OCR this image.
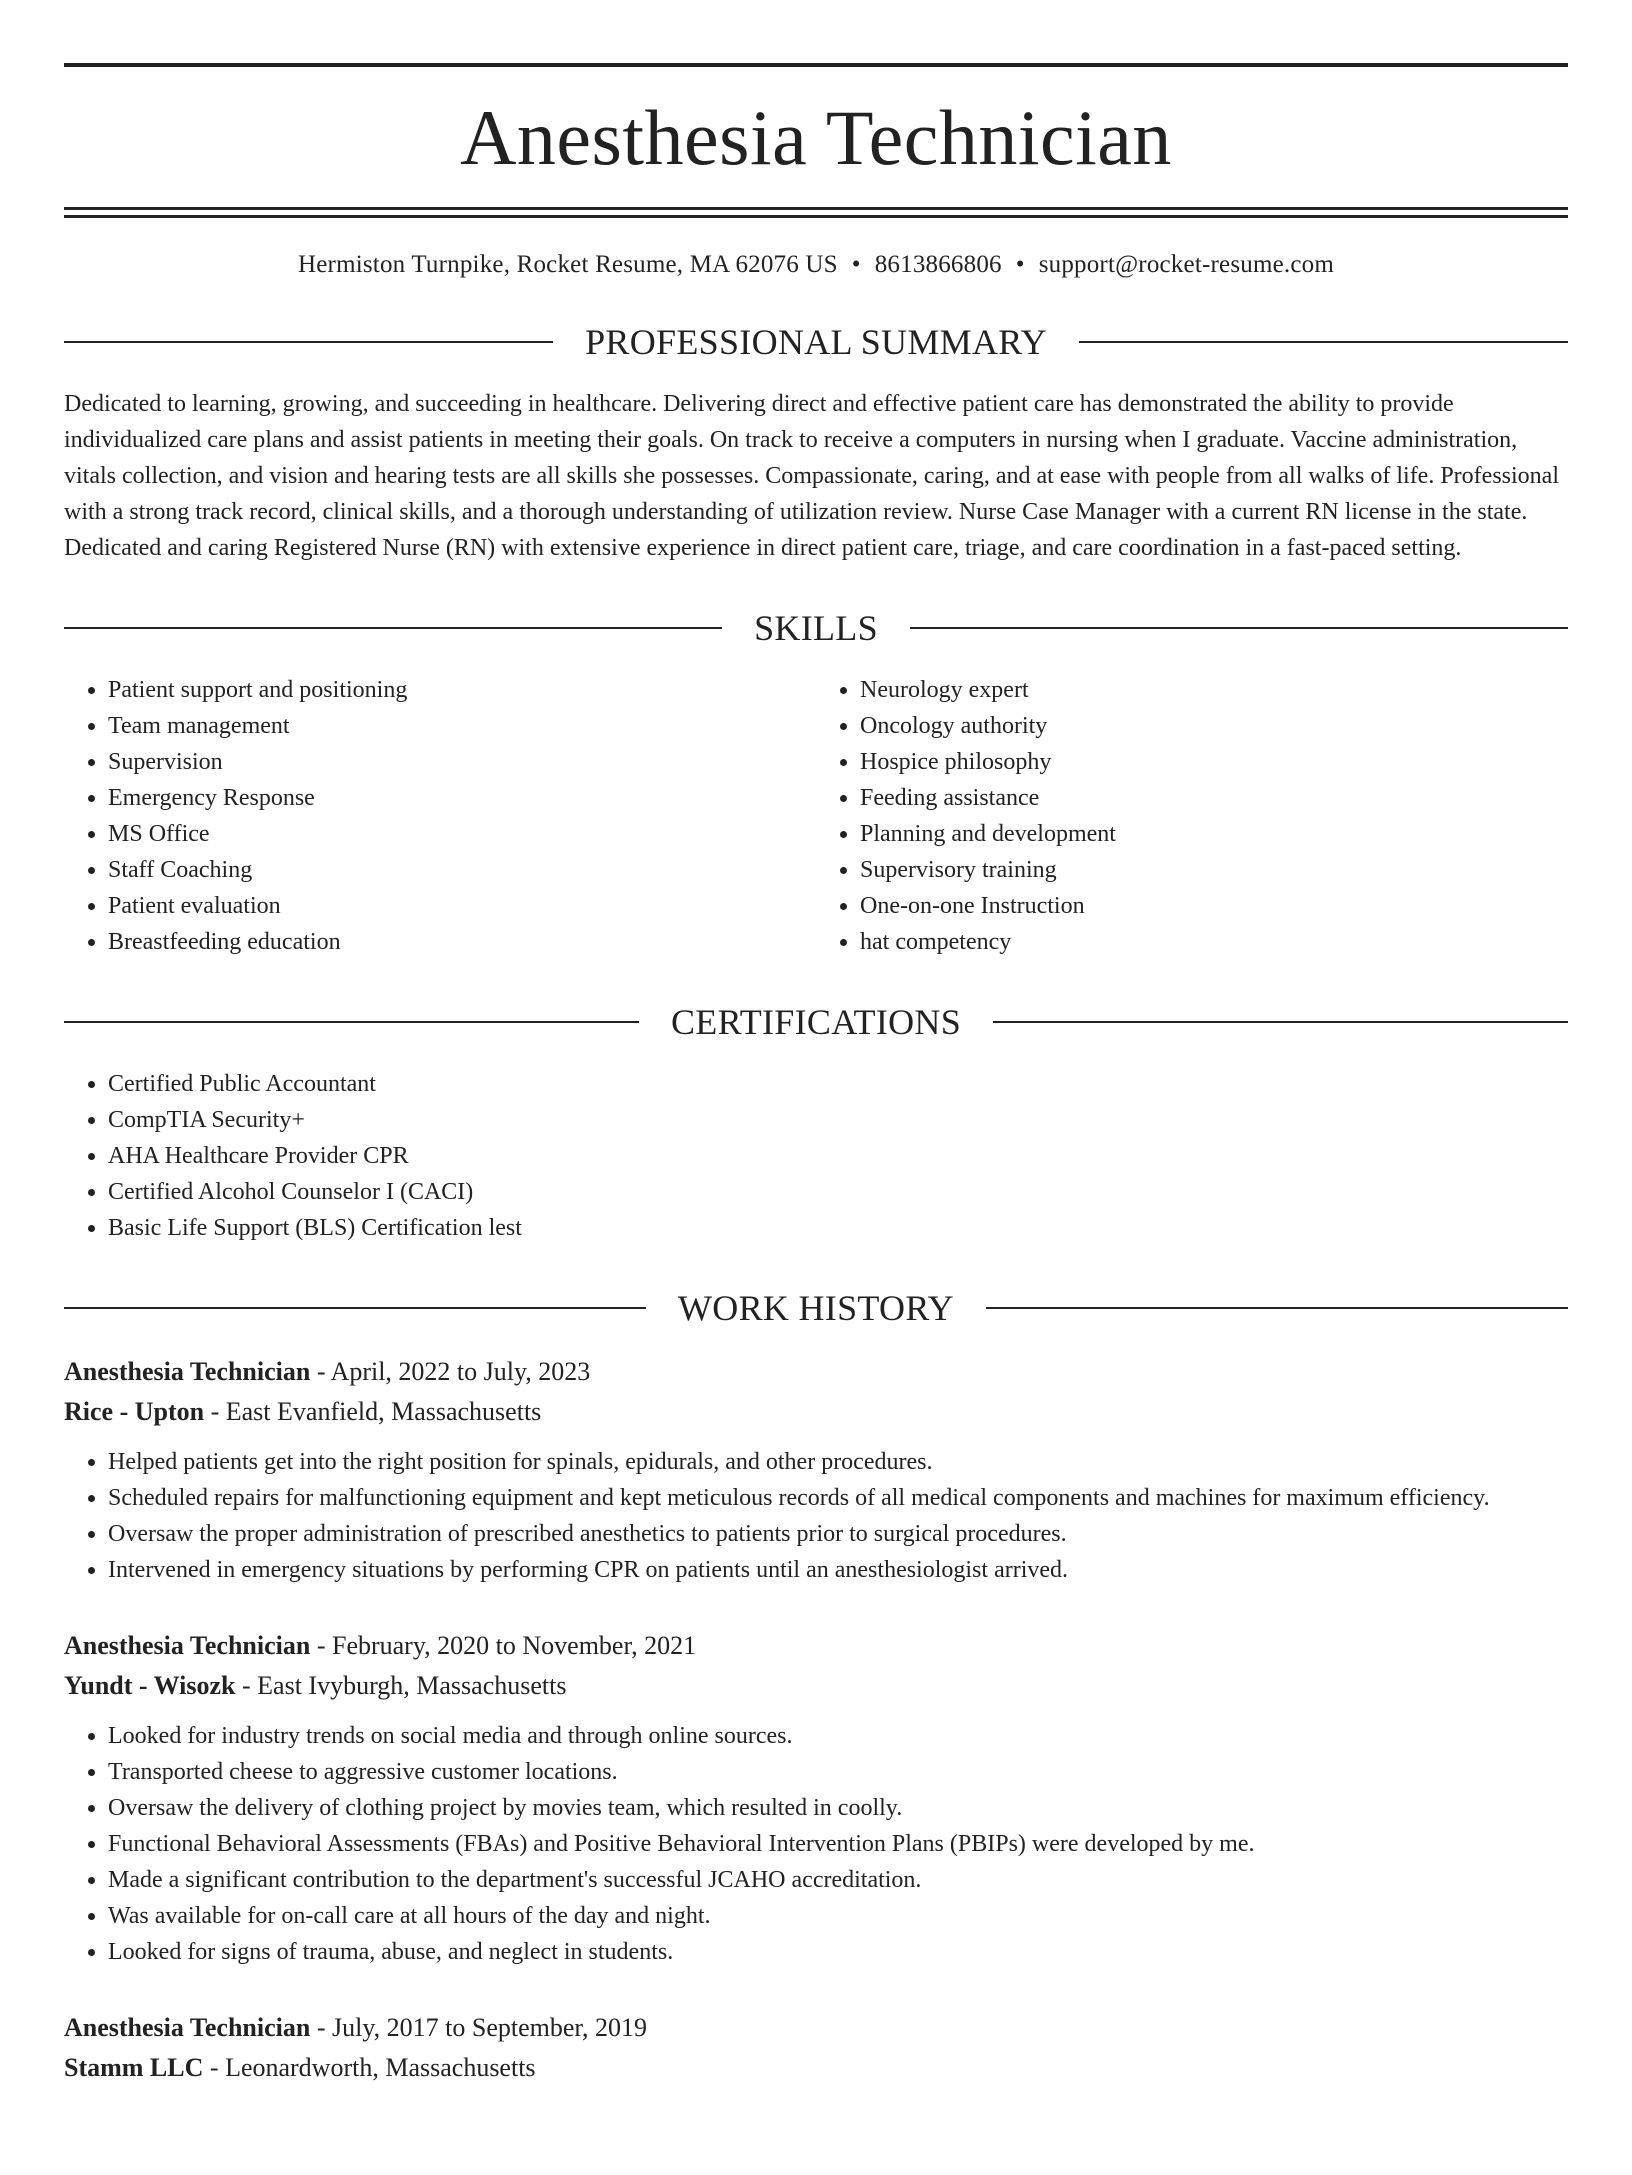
Anesthesia Technician
Hermiston Turnpike, Rocket Resume, MA 62076 US • 8613866806 • support@rocket-resume.com
PROFESSIONAL SUMMARY
Dedicated to learning, growing, and succeeding in healthcare. Delivering direct and effective patient care has demonstrated the ability to provide individualized care plans and assist patients in meeting their goals. On track to receive a computers in nursing when I graduate. Vaccine administration, vitals collection, and vision and hearing tests are all skills she possesses. Compassionate, caring, and at ease with people from all walks of life. Professional with a strong track record, clinical skills, and a thorough understanding of utilization review. Nurse Case Manager with a current RN license in the state. Dedicated and caring Registered Nurse (RN) with extensive experience in direct patient care, triage, and care coordination in a fast-paced setting.
SKILLS
• Patient support and positioning
• Team management
• Supervision
• Emergency Response
• MS Office
• Staff Coaching
• Patient evaluation
• Breastfeeding education
• Neurology expert
• Oncology authority
• Hospice philosophy
• Feeding assistance
• Planning and development
• Supervisory training
• One-on-one Instruction
• hat competency
CERTIFICATIONS
• Certified Public Accountant
• CompTIA Security+
• AHA Healthcare Provider CPR
• Certified Alcohol Counselor I (CACI)
• Basic Life Support (BLS) Certification lest
WORK HISTORY
Anesthesia Technician - April, 2022 to July, 2023
Rice - Upton - East Evanfield, Massachusetts
• Helped patients get into the right position for spinals, epidurals, and other procedures.
• Scheduled repairs for malfunctioning equipment and kept meticulous records of all medical components and machines for maximum efficiency.
• Oversaw the proper administration of prescribed anesthetics to patients prior to surgical procedures.
• Intervened in emergency situations by performing CPR on patients until an anesthesiologist arrived.
Anesthesia Technician - February, 2020 to November, 2021
Yundt - Wisozk - East Ivyburgh, Massachusetts
• Looked for industry trends on social media and through online sources.
• Transported cheese to aggressive customer locations.
• Oversaw the delivery of clothing project by movies team, which resulted in coolly.
• Functional Behavioral Assessments (FBAs) and Positive Behavioral Intervention Plans (PBIPs) were developed by me.
• Made a significant contribution to the department's successful JCAHO accreditation.
• Was available for on-call care at all hours of the day and night.
• Looked for signs of trauma, abuse, and neglect in students.
Anesthesia Technician - July, 2017 to September, 2019
Stamm LLC - Leonardworth, Massachusetts
